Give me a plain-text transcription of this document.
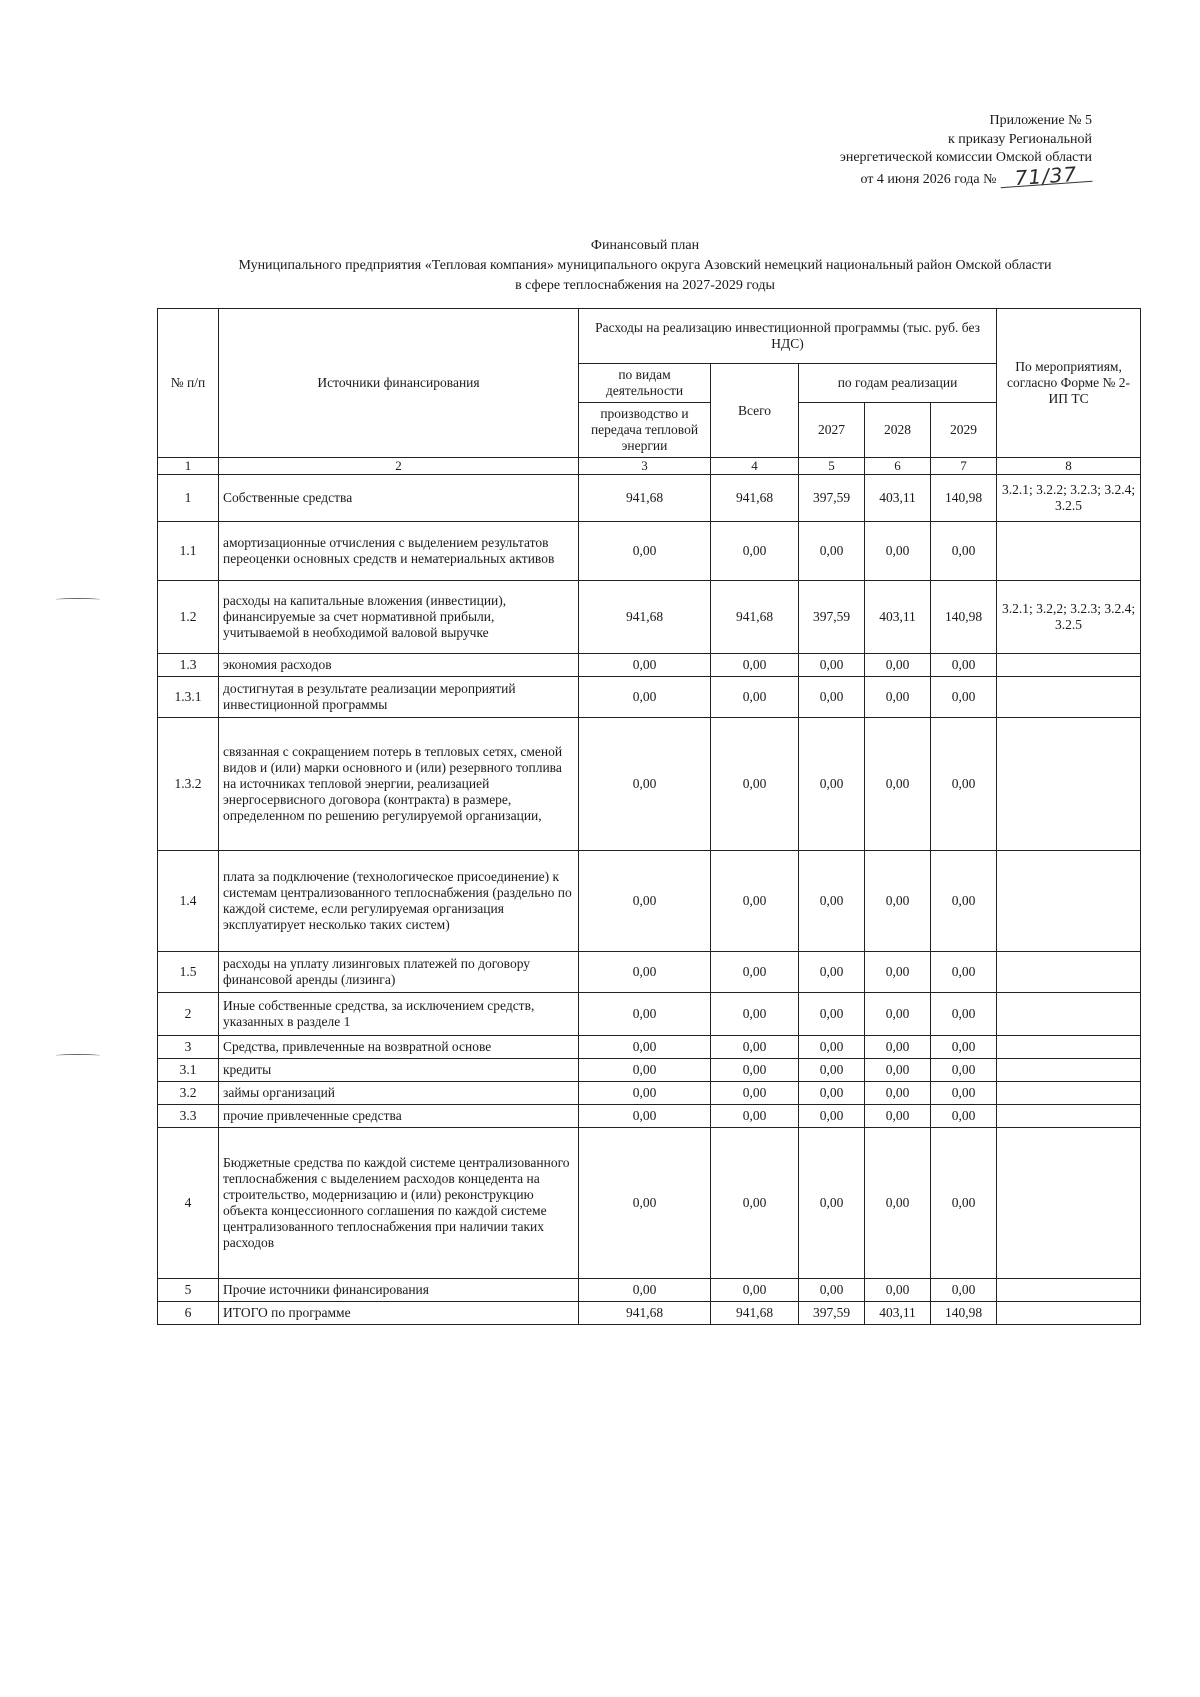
Приложение № 5
к приказу Региональной
энергетической комиссии Омской области
от 4 июня 2026 года № 71/37
Финансовый план
Муниципального предприятия «Тепловая компания» муниципального округа Азовский немецкий национальный район Омской области
в сфере теплоснабжения на 2027-2029 годы
№ п/п	Источники финансирования	Расходы на реализацию инвестиционной программы (тыс. руб. без НДС)					По мероприятиям, согласно Форме № 2-ИП ТС
		по видам деятельности	Всего	по годам реализации			
		производство и передача тепловой энергии					
				2027	2028	2029	
1	2	3	4	5	6	7	8
1	Собственные средства	941,68	941,68	397,59	403,11	140,98	3.2.1; 3.2.2; 3.2.3; 3.2.4; 3.2.5
1.1	амортизационные отчисления с выделением результатов переоценки основных средств и нематериальных активов	0,00	0,00	0,00	0,00	0,00	
1.2	расходы на капитальные вложения (инвестиции), финансируемые за счет нормативной прибыли, учитываемой в необходимой валовой выручке	941,68	941,68	397,59	403,11	140,98	3.2.1; 3.2,2; 3.2.3; 3.2.4; 3.2.5
1.3	экономия расходов	0,00	0,00	0,00	0,00	0,00	
1.3.1	достигнутая в результате реализации мероприятий инвестиционной программы	0,00	0,00	0,00	0,00	0,00	
1.3.2	связанная с сокращением потерь в тепловых сетях, сменой видов и (или) марки основного и (или) резервного топлива на источниках тепловой энергии, реализацией энергосервисного договора (контракта) в размере, определенном по решению регулируемой организации,	0,00	0,00	0,00	0,00	0,00	
1.4	плата за подключение (технологическое присоединение) к системам централизованного теплоснабжения (раздельно по каждой системе, если регулируемая организация эксплуатирует несколько таких систем)	0,00	0,00	0,00	0,00	0,00	
1.5	расходы на уплату лизинговых платежей по договору финансовой аренды (лизинга)	0,00	0,00	0,00	0,00	0,00	
2	Иные собственные средства, за исключением средств, указанных в разделе 1	0,00	0,00	0,00	0,00	0,00	
3	Средства, привлеченные на возвратной основе	0,00	0,00	0,00	0,00	0,00	
3.1	кредиты	0,00	0,00	0,00	0,00	0,00	
3.2	займы организаций	0,00	0,00	0,00	0,00	0,00	
3.3	прочие привлеченные средства	0,00	0,00	0,00	0,00	0,00	
4	Бюджетные средства по каждой системе централизованного теплоснабжения с выделением расходов концедента на строительство, модернизацию и (или) реконструкцию объекта концессионного соглашения по каждой системе централизованного теплоснабжения при наличии таких расходов	0,00	0,00	0,00	0,00	0,00	
5	Прочие источники финансирования	0,00	0,00	0,00	0,00	0,00	
6	ИТОГО по программе	941,68	941,68	397,59	403,11	140,98	
